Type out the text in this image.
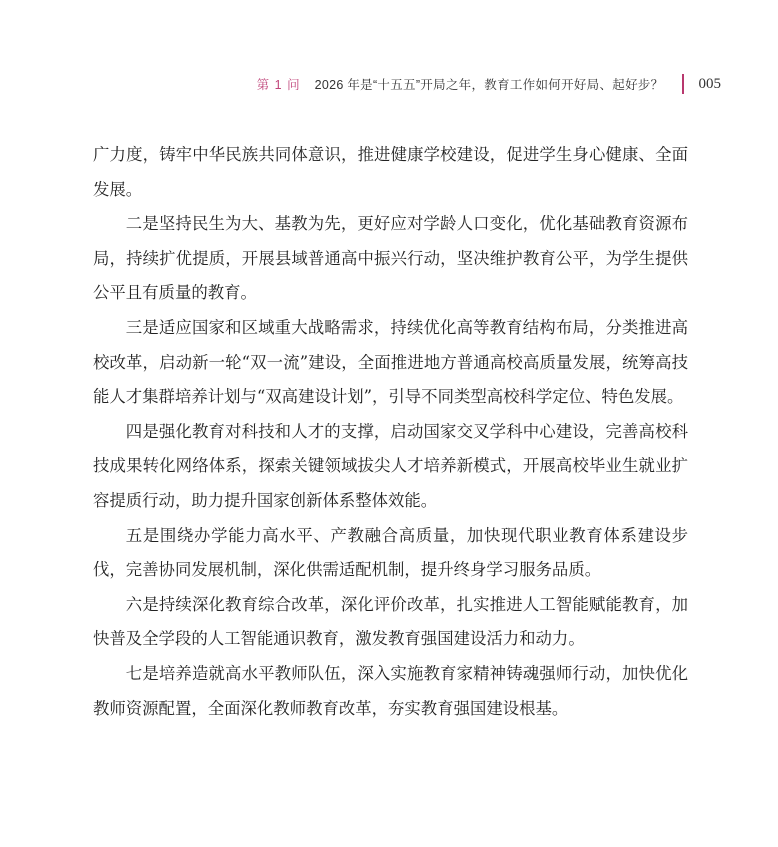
第 1 问 2026 年是“十五五”开局之年，教育工作如何开好局、起好步？ 005

广力度，铸牢中华民族共同体意识，推进健康学校建设，促进学生身心健康、全面发展。

二是坚持民生为大、基教为先，更好应对学龄人口变化，优化基础教育资源布局，持续扩优提质，开展县域普通高中振兴行动，坚决维护教育公平，为学生提供公平且有质量的教育。

三是适应国家和区域重大战略需求，持续优化高等教育结构布局，分类推进高校改革，启动新一轮“双一流”建设，全面推进地方普通高校高质量发展，统筹高技能人才集群培养计划与“双高建设计划”，引导不同类型高校科学定位、特色发展。

四是强化教育对科技和人才的支撑，启动国家交叉学科中心建设，完善高校科技成果转化网络体系，探索关键领域拔尖人才培养新模式，开展高校毕业生就业扩容提质行动，助力提升国家创新体系整体效能。

五是围绕办学能力高水平、产教融合高质量，加快现代职业教育体系建设步伐，完善协同发展机制，深化供需适配机制，提升终身学习服务品质。

六是持续深化教育综合改革，深化评价改革，扎实推进人工智能赋能教育，加快普及全学段的人工智能通识教育，激发教育强国建设活力和动力。

七是培养造就高水平教师队伍，深入实施教育家精神铸魂强师行动，加快优化教师资源配置，全面深化教师教育改革，夯实教育强国建设根基。
